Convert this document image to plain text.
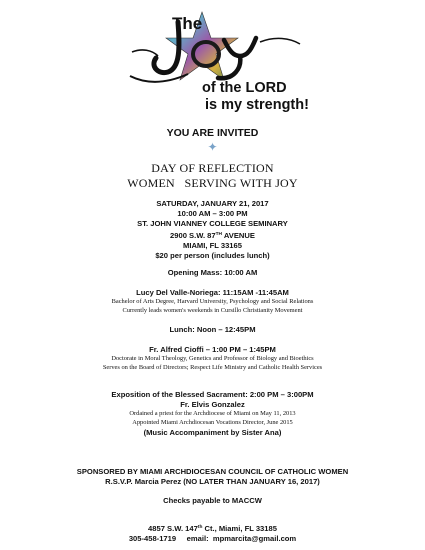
The
of the LORD
is my strength!
YOU ARE INVITED
✦
DAY OF REFLECTION
WOMEN   SERVING WITH JOY
SATURDAY, JANUARY 21, 2017
10:00 AM – 3:00 PM
ST. JOHN VIANNEY COLLEGE SEMINARY
2900 S.W. 87TH AVENUE
MIAMI, FL 33165
$20 per person (includes lunch)
Opening Mass: 10:00 AM
Lucy Del Valle-Noriega: 11:15AM -11:45AM
Bachelor of Arts Degree, Harvard University, Psychology and Social Relations
Currently leads women's weekends in Cursillo Christianity Movement
Lunch: Noon – 12:45PM
Fr. Alfred Cioffi – 1:00 PM – 1:45PM
Doctorate in Moral Theology, Genetics and Professor of Biology and Bioethics
Serves on the Board of Directors; Respect Life Ministry and Catholic Health Services
Exposition of the Blessed Sacrament: 2:00 PM – 3:00PM
Fr. Elvis Gonzalez
Ordained a priest for the Archdiocese of Miami on May 11, 2013
Appointed Miami Archdiocesan Vocations Director, June 2015
(Music Accompaniment by Sister Ana)
SPONSORED BY MIAMI ARCHDIOCESAN COUNCIL OF CATHOLIC WOMEN
R.S.V.P. Marcia Perez (NO LATER THAN JANUARY 16, 2017)
Checks payable to MACCW
4857 S.W. 147th Ct., Miami, FL 33185
305-458-1719     email:  mpmarcita@gmail.com
